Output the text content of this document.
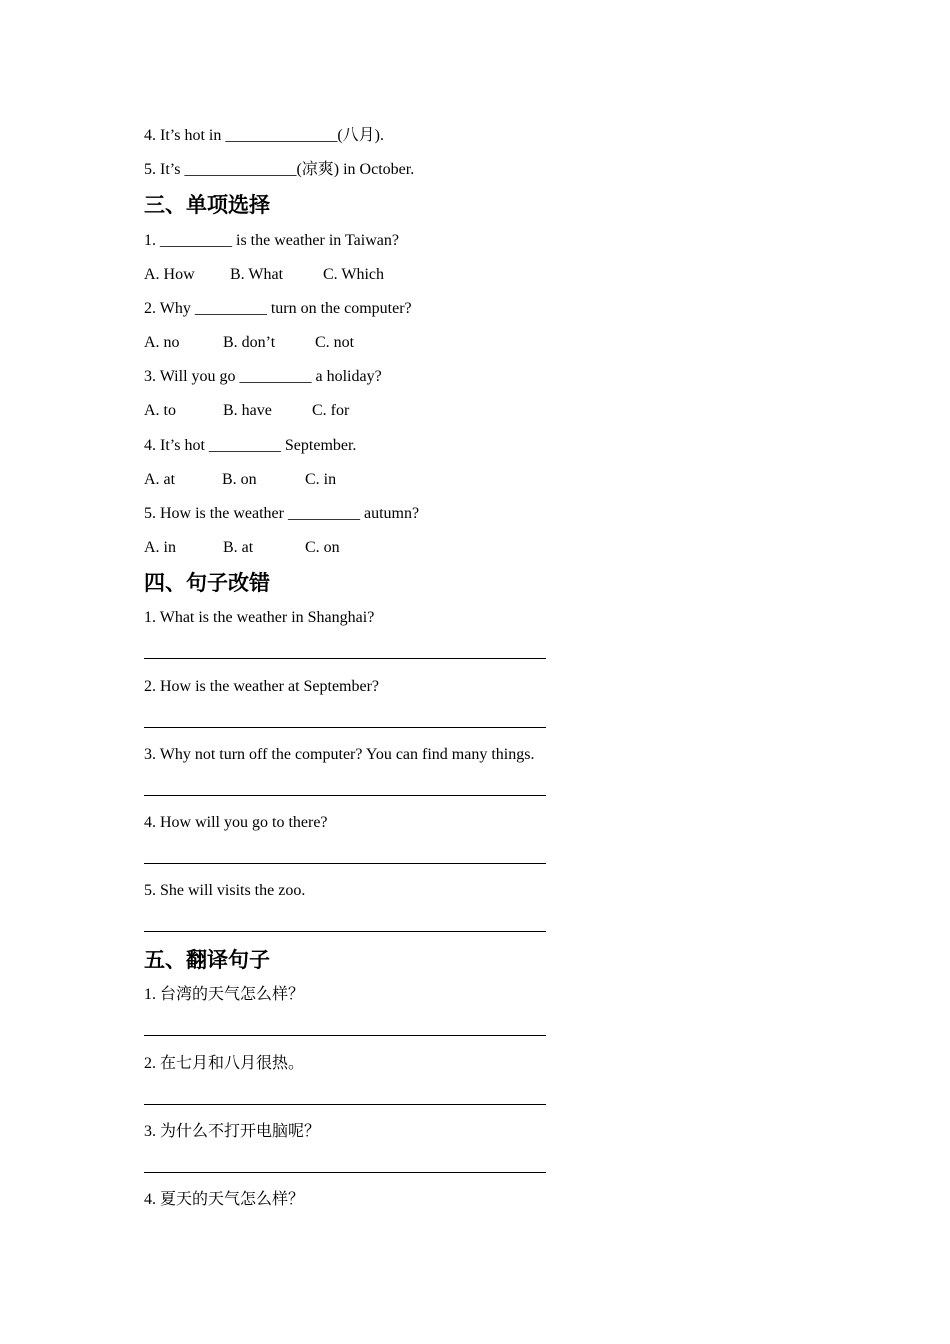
4. It’s hot in ______________(八月).
5. It’s ______________(凉爽) in October.
三、单项选择
1. _________ is the weather in Taiwan?

A. How

B. What

C. Which

2. Why _________ turn on the computer?

A. no

	B. don’t

C. not

3. Will you go _________ a holiday?

A. to

	B. have

	C. for

4. It’s hot _________ September.

A. at

	B. on

	C. in

5. How is the weather _________ autumn?

A. in

	B. at

	C. on

四、句子改错
1. What is the weather in Shanghai?
2. How is the weather at September?
3. Why not turn off the computer? You can find many things.
4. How will you go to there?
5. She will visits the zoo.
五、翻译句子
1. 台湾的天气怎么样？
2. 在七月和八月很热。
3. 为什么不打开电脑呢？
4. 夏天的天气怎么样？
